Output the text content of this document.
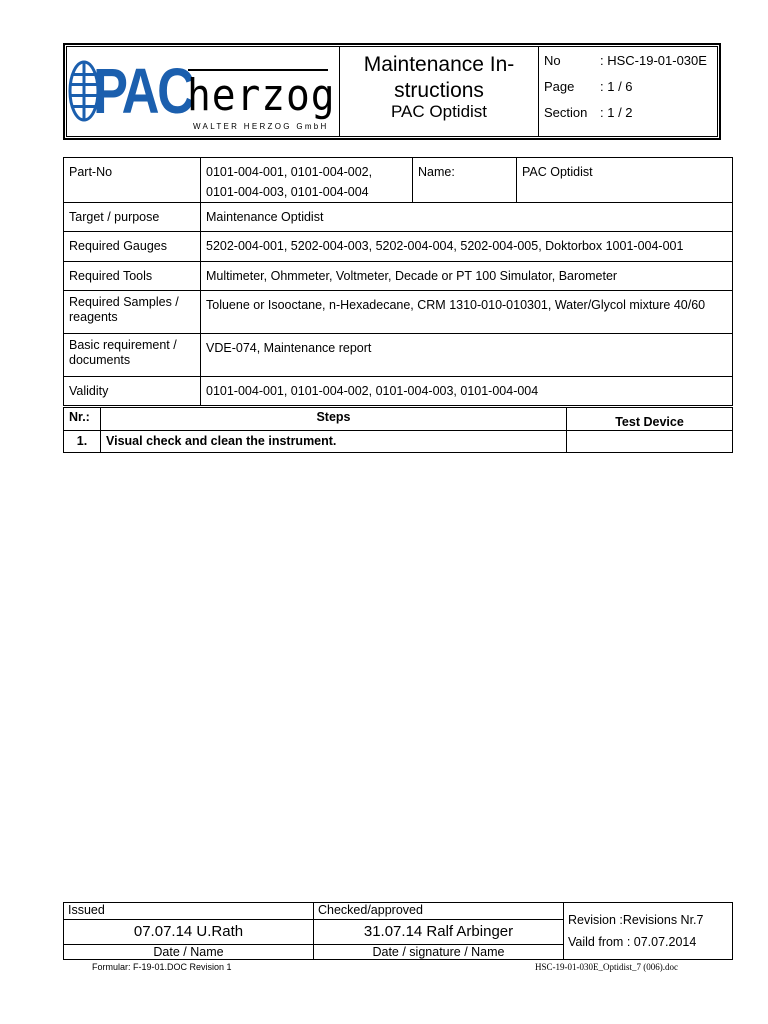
PAC
herzog
WALTER HERZOG GmbH
Maintenance In-
structions
PAC Optidist
No	: HSC-19-01-030E
Page : 1 / 6
Section : 1 / 2
Part-No	0101-004-001, 0101-004-002,
0101-004-003, 0101-004-004	Name:	PAC Optidist
Target / purpose	Maintenance Optidist		
Required Gauges	5202-004-001, 5202-004-003, 5202-004-004, 5202-004-005, Doktorbox 1001-004-001		
Required Tools	Multimeter, Ohmmeter, Voltmeter, Decade or PT 100 Simulator, Barometer		

Required Samples /
reagents	Toluene or Isooctane, n-Hexadecane, CRM 1310-010-010301, Water/Glycol mixture 40/60		

Basic requirement /
documents	VDE-074, Maintenance report		
Validity	0101-004-001, 0101-004-002, 0101-004-003, 0101-004-004		
Nr.:	Steps	Test Device
1.	Visual check and clean the instrument.	
Issued	Checked/approved	Revision :Revisions Nr.7
Vaild from : 07.07.2014

07.07.14 U.Rath	31.07.14 Ralf Arbinger	
Date / Name	Date / signature / Name	
Formular: F-19-01.DOC Revision 1	HSC-19-01-030E_Optidist_7 (006).doc
